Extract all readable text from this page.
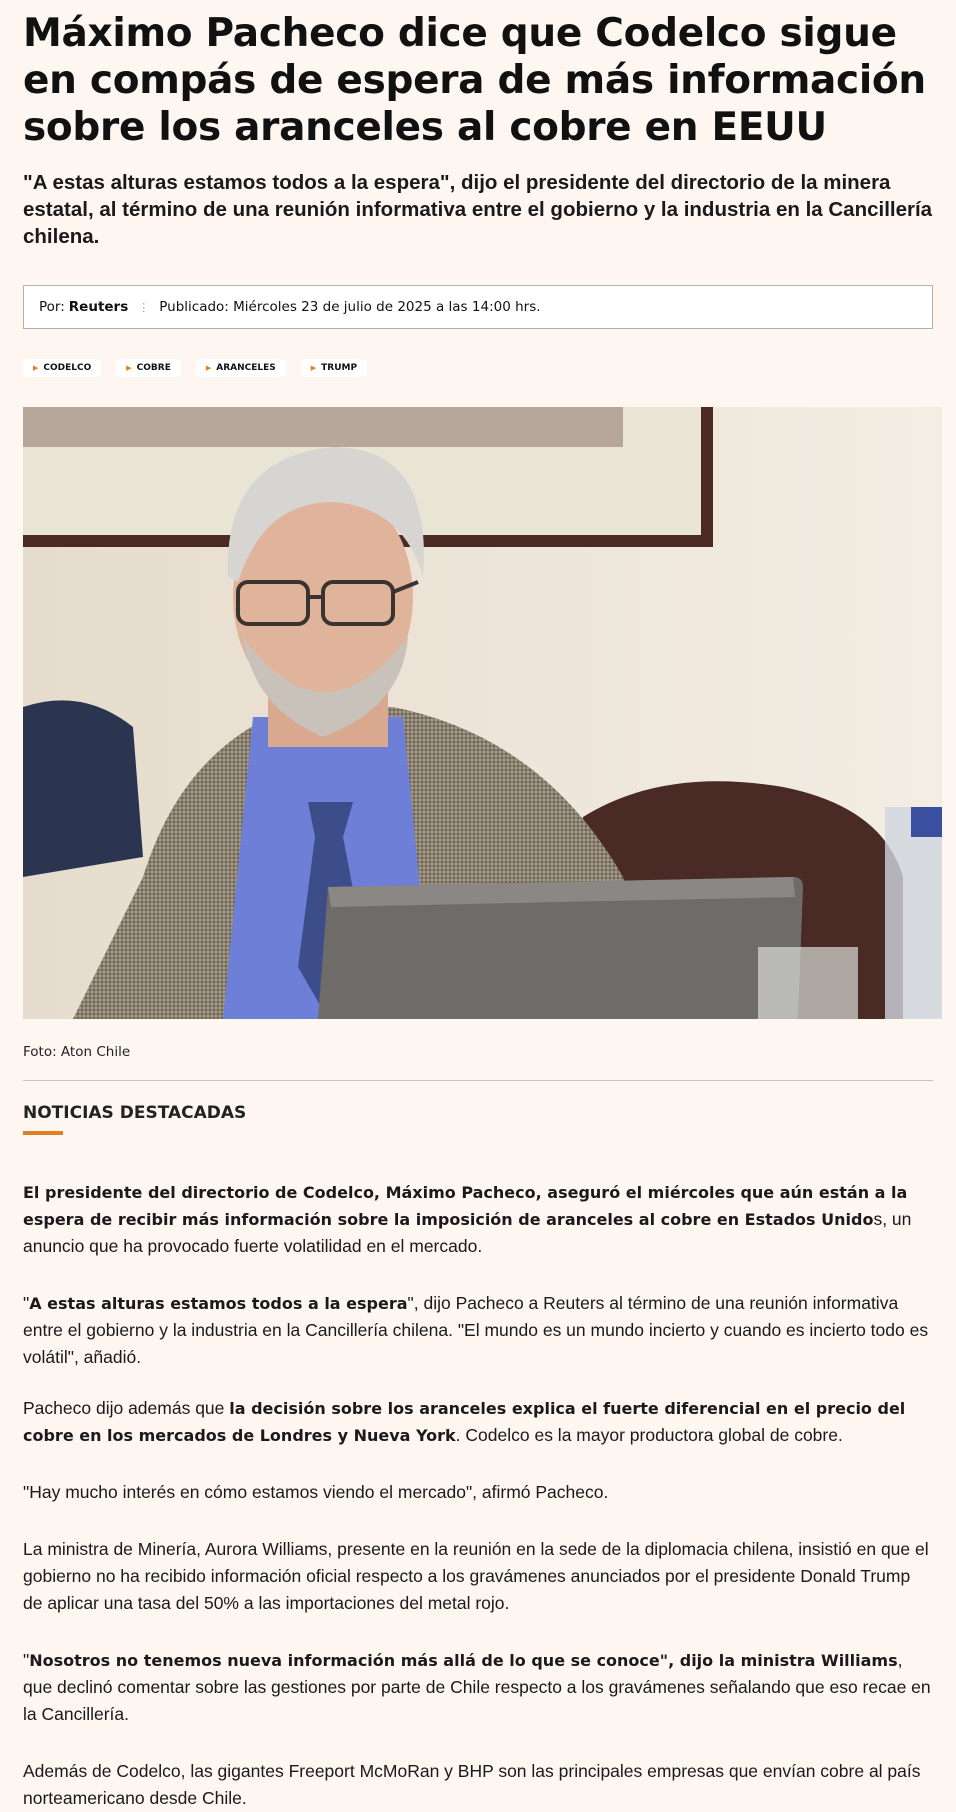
Máximo Pacheco dice que Codelco sigue en compás de espera de más información sobre los aranceles al cobre en EEUU
"A estas alturas estamos todos a la espera", dijo el presidente del directorio de la minera estatal, al término de una reunión informativa entre el gobierno y la industria en la Cancillería chilena.
Por: Reuters ⋮ Publicado: Miércoles 23 de julio de 2025 a las 14:00 hrs.
▶ CODELCO	▶ COBRE	▶ ARANCELES	▶ TRUMP
Foto: Aton Chile
NOTICIAS DESTACADAS

El presidente del directorio de Codelco, Máximo Pacheco, aseguró el miércoles que aún están a la espera de recibir más información sobre la imposición de aranceles al cobre en Estados Unidos, un anuncio que ha provocado fuerte volatilidad en el mercado.

"A estas alturas estamos todos a la espera", dijo Pacheco a Reuters al término de una reunión informativa entre el gobierno y la industria en la Cancillería chilena. "El mundo es un mundo incierto y cuando es incierto todo es volátil", añadió.

Pacheco dijo además que la decisión sobre los aranceles explica el fuerte diferencial en el precio del cobre en los mercados de Londres y Nueva York. Codelco es la mayor productora global de cobre.

"Hay mucho interés en cómo estamos viendo el mercado", afirmó Pacheco.

La ministra de Minería, Aurora Williams, presente en la reunión en la sede de la diplomacia chilena, insistió en que el gobierno no ha recibido información oficial respecto a los gravámenes anunciados por el presidente Donald Trump de aplicar una tasa del 50% a las importaciones del metal rojo.

"Nosotros no tenemos nueva información más allá de lo que se conoce", dijo la ministra Williams, que declinó comentar sobre las gestiones por parte de Chile respecto a los gravámenes señalando que eso recae en la Cancillería.

Además de Codelco, las gigantes Freeport McMoRan y BHP son las principales empresas que envían cobre al país norteamericano desde Chile.
